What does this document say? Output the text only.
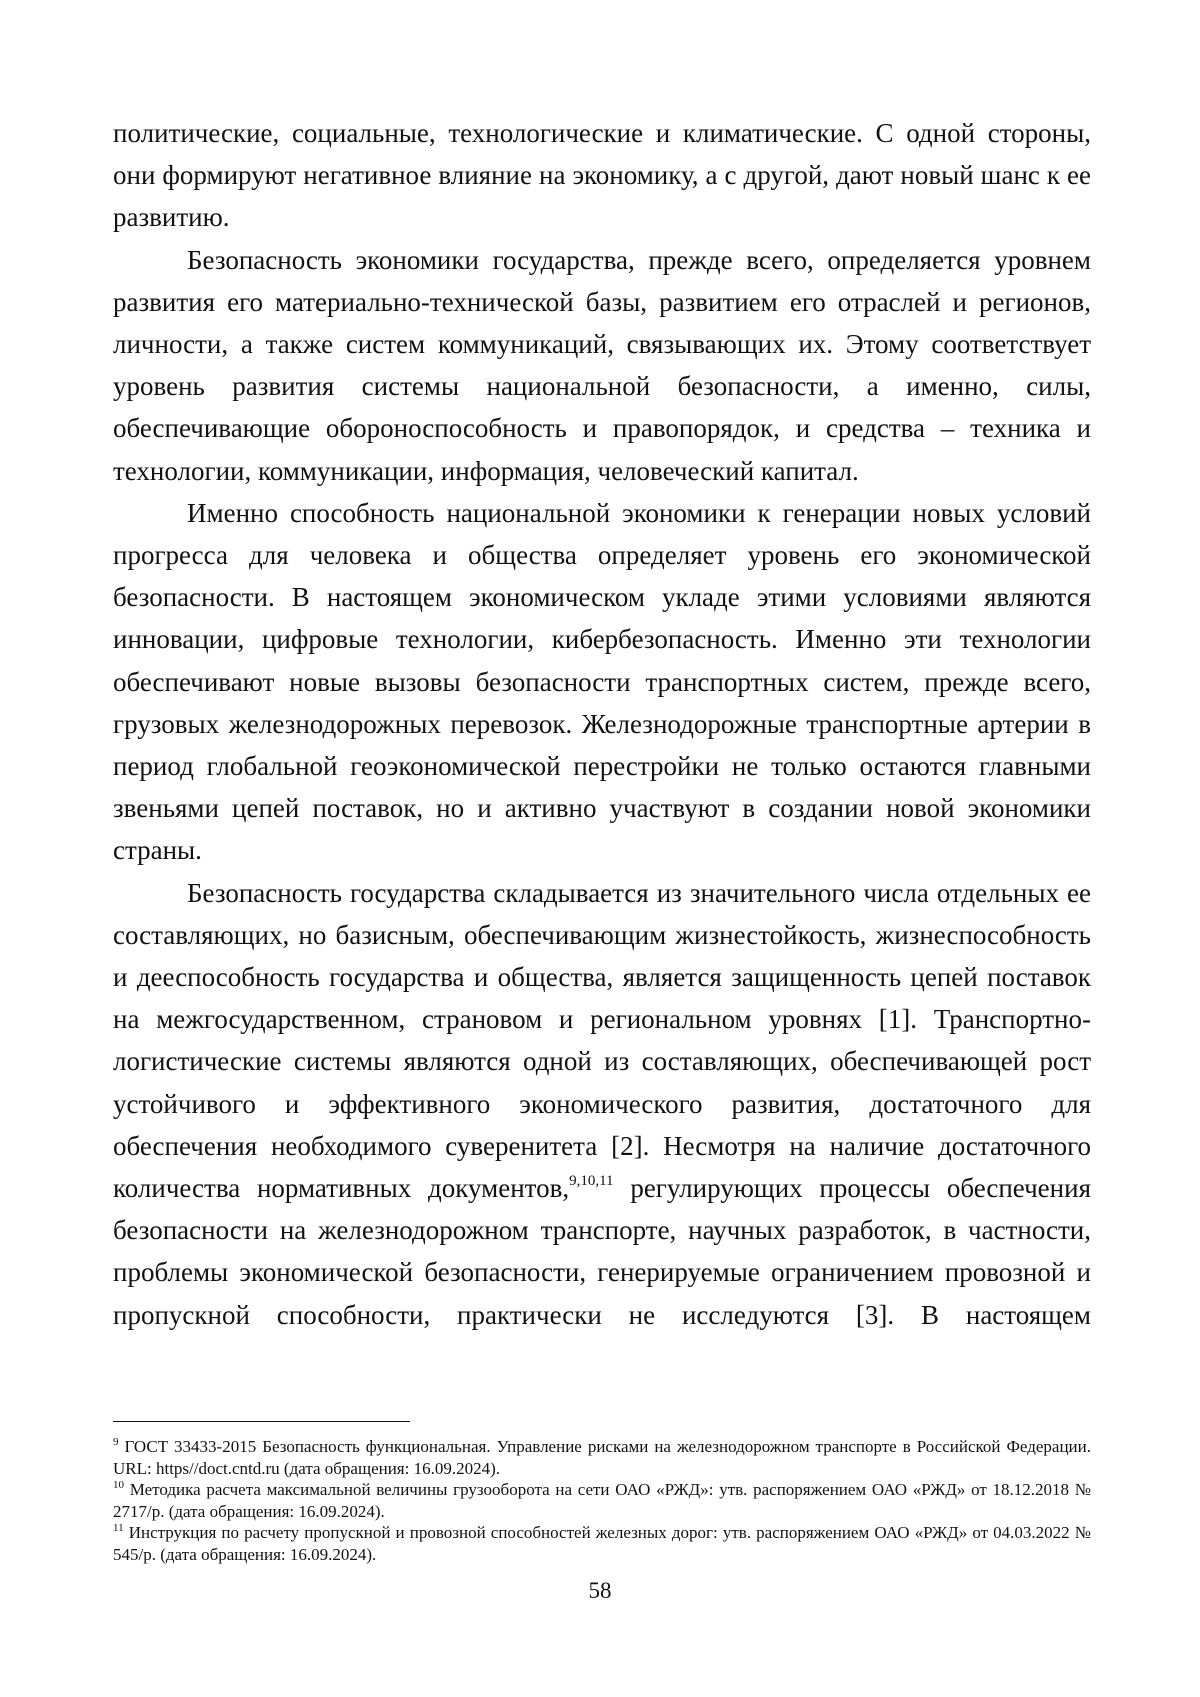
политические, социальные, технологические и климатические. С одной стороны, они формируют негативное влияние на экономику, а с другой, дают новый шанс к ее развитию.

Безопасность экономики государства, прежде всего, определяется уровнем развития его материально-технической базы, развитием его отраслей и регионов, личности, а также систем коммуникаций, связывающих их. Этому соответствует уровень развития системы национальной безопасности, а именно, силы, обеспечивающие обороноспособность и правопорядок, и средства – техника и технологии, коммуникации, информация, человеческий капитал.

Именно способность национальной экономики к генерации новых условий прогресса для человека и общества определяет уровень его экономической безопасности. В настоящем экономическом укладе этими условиями являются инновации, цифровые технологии, кибербезопасность. Именно эти технологии обеспечивают новые вызовы безопасности транспортных систем, прежде всего, грузовых железнодорожных перевозок. Железнодорожные транспортные артерии в период глобальной геоэкономической перестройки не только остаются главными звеньями цепей поставок, но и активно участвуют в создании новой экономики страны.

Безопасность государства складывается из значительного числа отдельных ее составляющих, но базисным, обеспечивающим жизнестойкость, жизнеспособность и дееспособность государства и общества, является защищенность цепей поставок на межгосударственном, страновом и региональном уровнях [1]. Транспортно-логистические системы являются одной из составляющих, обеспечивающей рост устойчивого и эффективного экономического развития, достаточного для обеспечения необходимого суверенитета [2]. Несмотря на наличие достаточного количества нормативных документов,$^{9,10,11}$ регулирующих процессы обеспечения безопасности на железнодорожном транспорте, научных разработок, в частности, проблемы экономической безопасности, генерируемые ограничением провозной и пропускной способности, практически не исследуются [3]. В настоящем

$^9$ ГОСТ 33433-2015 Безопасность функциональная. Управление рисками на железнодорожном транспорте в Российской Федерации. URL: https//doct.cntd.ru (дата обращения: 16.09.2024).

$^{10}$ Методика расчета максимальной величины грузооборота на сети ОАО «РЖД»: утв. распоряжением ОАО «РЖД» от 18.12.2018 № 2717/р. (дата обращения: 16.09.2024).

$^{11}$ Инструкция по расчету пропускной и провозной способностей железных дорог: утв. распоряжением ОАО «РЖД» от 04.03.2022 № 545/р. (дата обращения: 16.09.2024).

58
